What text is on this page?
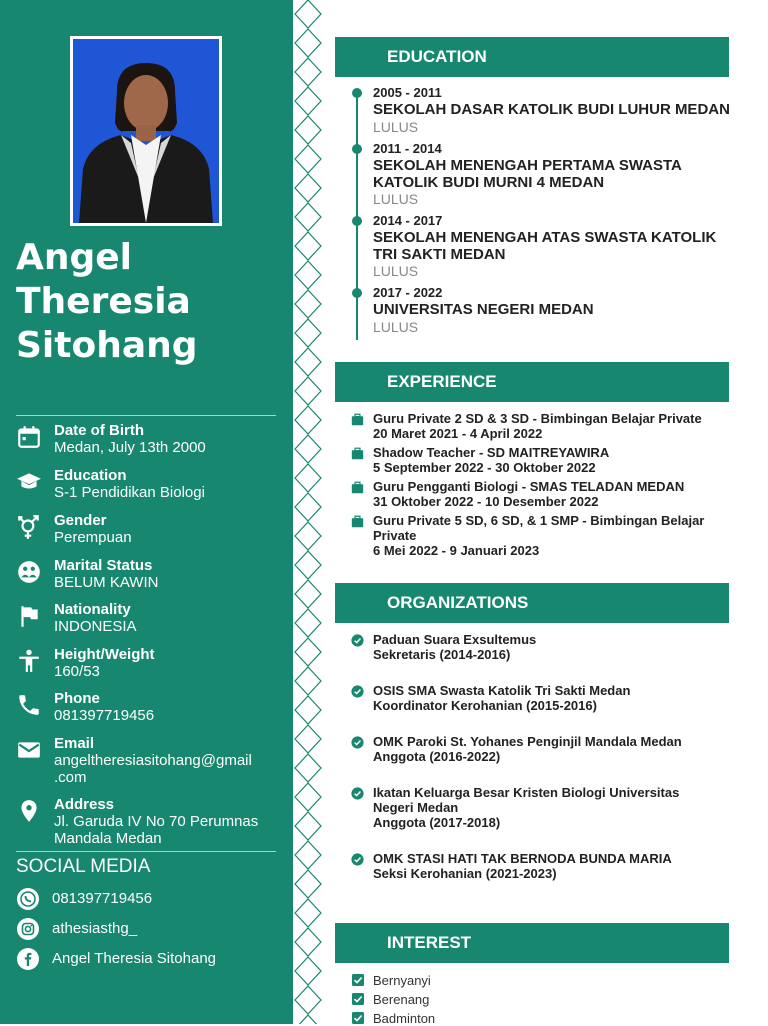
Angel
Theresia
Sitohang
Date of Birth
Medan, July 13th 2000
Education
S-1 Pendidikan Biologi
Gender
Perempuan
Marital Status
BELUM KAWIN
Nationality
INDONESIA
Height/Weight
160/53
Phone
081397719456
Email
angeltheresiasitohang@gmail
.com
Address
Jl. Garuda IV No 70 Perumnas
Mandala Medan
SOCIAL MEDIA
081397719456
athesiasthg_
Angel Theresia Sitohang
EDUCATION
2005 - 2011
SEKOLAH DASAR KATOLIK BUDI LUHUR MEDAN
LULUS
2011 - 2014
SEKOLAH MENENGAH PERTAMA SWASTA
KATOLIK BUDI MURNI 4 MEDAN
LULUS
2014 - 2017
SEKOLAH MENENGAH ATAS SWASTA KATOLIK
TRI SAKTI MEDAN
LULUS
2017 - 2022
UNIVERSITAS NEGERI MEDAN
LULUS
EXPERIENCE
Guru Private 2 SD & 3 SD - Bimbingan Belajar Private
20 Maret 2021 - 4 April 2022
Shadow Teacher - SD MAITREYAWIRA
5 September 2022 - 30 Oktober 2022
Guru Pengganti Biologi - SMAS TELADAN MEDAN
31 Oktober 2022 - 10 Desember 2022
Guru Private 5 SD, 6 SD, & 1 SMP - Bimbingan Belajar
Private
6 Mei 2022 - 9 Januari 2023
ORGANIZATIONS
Paduan Suara Exsultemus
Sekretaris (2014-2016)
OSIS SMA Swasta Katolik Tri Sakti Medan
Koordinator Kerohanian (2015-2016)
OMK Paroki St. Yohanes Penginjil Mandala Medan
Anggota (2016-2022)
Ikatan Keluarga Besar Kristen Biologi Universitas
Negeri Medan
Anggota (2017-2018)
OMK STASI HATI TAK BERNODA BUNDA MARIA
Seksi Kerohanian (2021-2023)
INTEREST
Bernyanyi
Berenang
Badminton
